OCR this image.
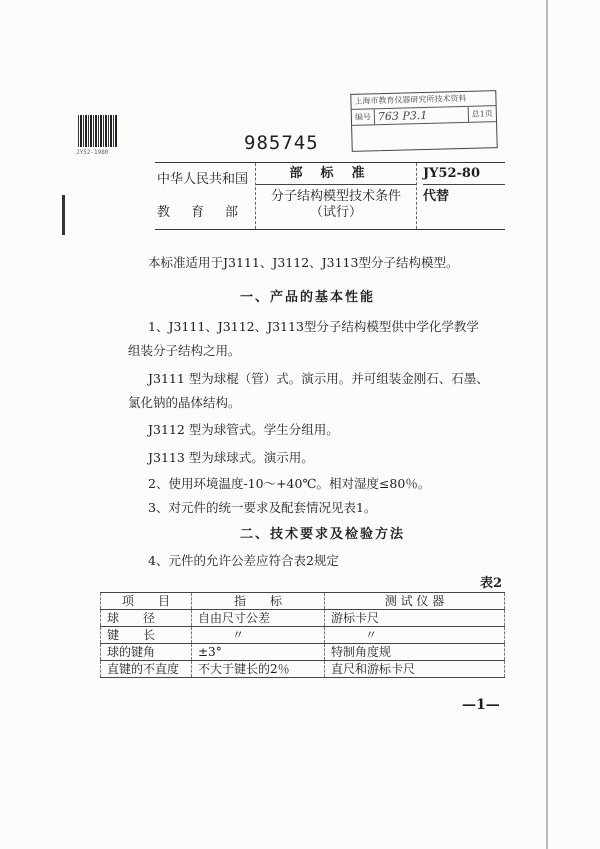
JY52-1980	985745
上海市教育仪器研究所技术资料
编号 763 P3.1	总1页
中华人民共和国
教　育　部
部标准
分子结构模型技术条件
（试行）
JY52-80
代替
本标准适用于J3111、J3112、J3113型分子结构模型。
一、产品的基本性能
1、J3111、J3112、J3113型分子结构模型供中学化学教学
组装分子结构之用。
J3111 型为球棍（管）式。演示用。并可组装金刚石、石墨、
氯化钠的晶体结构。
J3112 型为球管式。学生分组用。
J3113 型为球球式。演示用。
2、使用环境温度-10～+40℃。相对湿度≤80％。
3、对元件的统一要求及配套情况见表1。
二、技术要求及检验方法
4、元件的允许公差应符合表2规定
表2
项　　目	指　　标	测 试 仪 器
球　　径	自由尺寸公差	游标卡尺
键　　长	〃	〃
球的键角	±3°	特制角度规
直键的不直度	不大于键长的2％	直尺和游标卡尺
—1—
